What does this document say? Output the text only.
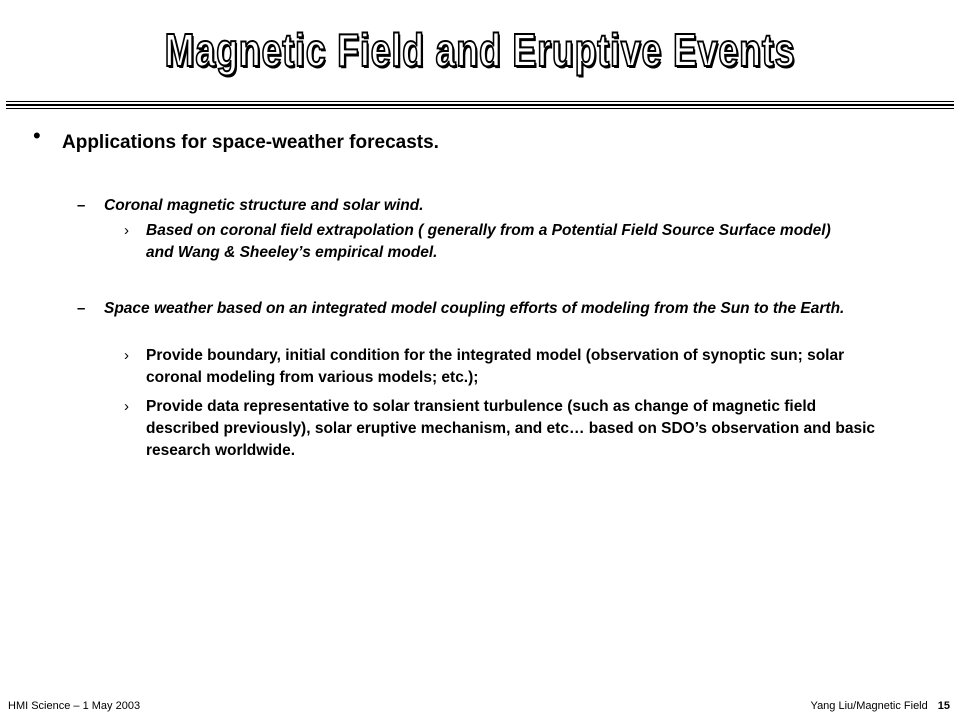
Magnetic Field and Eruptive Events
• Applications for space-weather forecasts.
– Coronal magnetic structure and solar wind.
› Based on coronal field extrapolation ( generally from a Potential Field Source Surface model) and Wang & Sheeley’s empirical model.
– Space weather based on an integrated model coupling efforts of modeling from the Sun to the Earth.
› Provide boundary, initial condition for the integrated model (observation of synoptic sun; solar coronal modeling from various models; etc.);
› Provide data representative to solar transient turbulence (such as change of magnetic field described previously), solar eruptive mechanism, and etc… based on SDO’s observation and basic research worldwide.
HMI Science – 1 May 2003	Yang Liu/Magnetic Field 15
